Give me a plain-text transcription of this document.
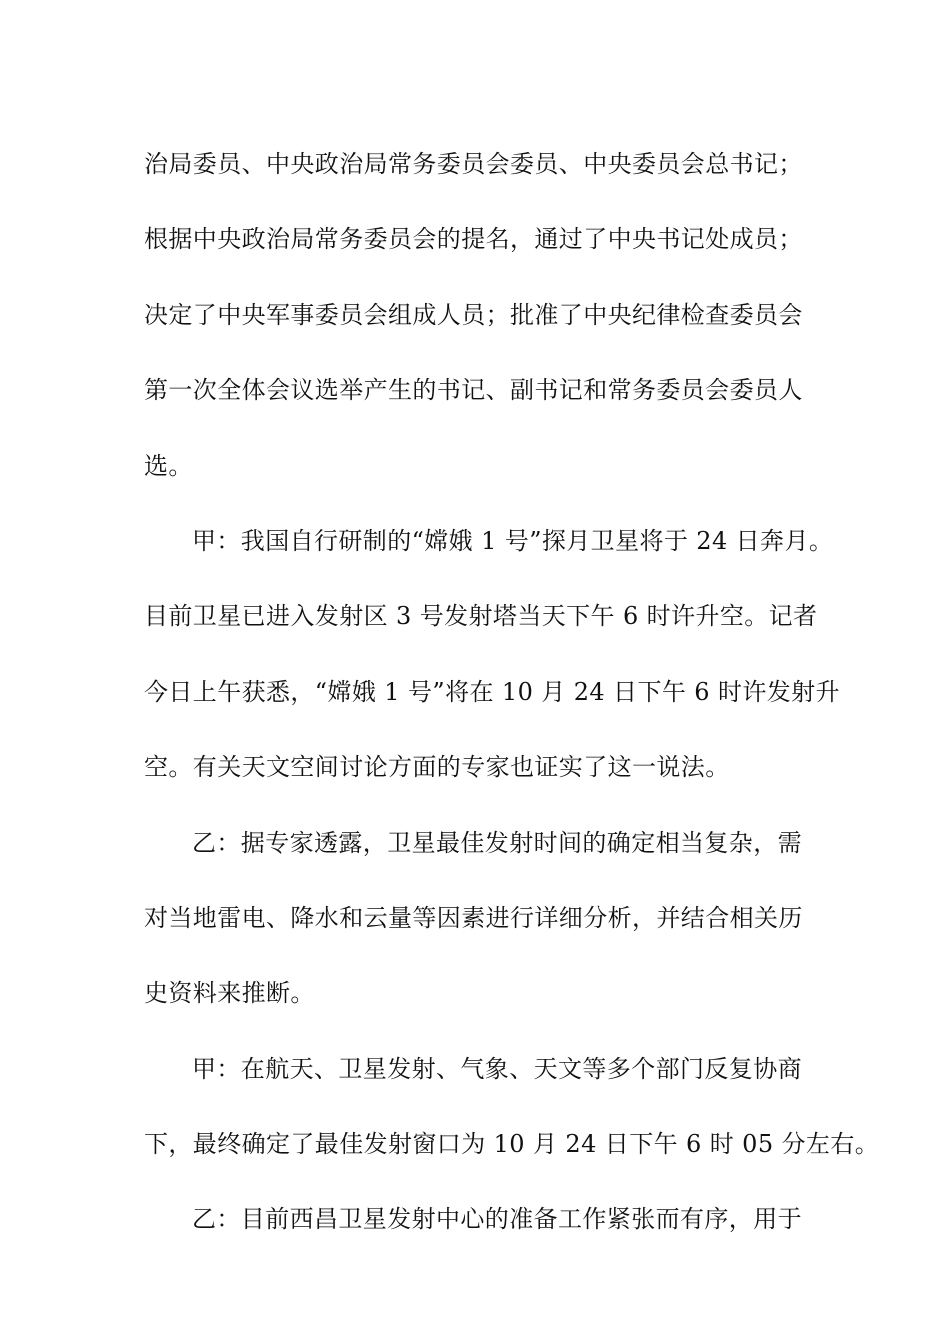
治局委员、中央政治局常务委员会委员、中央委员会总书记；
根据中央政治局常务委员会的提名，通过了中央书记处成员；
决定了中央军事委员会组成人员；批准了中央纪律检查委员会
第一次全体会议选举产生的书记、副书记和常务委员会委员人
选。
甲：我国自行研制的“嫦娥 1 号”探月卫星将于 24 日奔月。
目前卫星已进入发射区 3 号发射塔当天下午 6 时许升空。记者
今日上午获悉，“嫦娥 1 号”将在 10 月 24 日下午 6 时许发射升
空。有关天文空间讨论方面的专家也证实了这一说法。
乙：据专家透露，卫星最佳发射时间的确定相当复杂，需
对当地雷电、降水和云量等因素进行详细分析，并结合相关历
史资料来推断。
甲：在航天、卫星发射、气象、天文等多个部门反复协商
下，最终确定了最佳发射窗口为 10 月 24 日下午 6 时 05 分左右。
乙：目前西昌卫星发射中心的准备工作紧张而有序，用于
